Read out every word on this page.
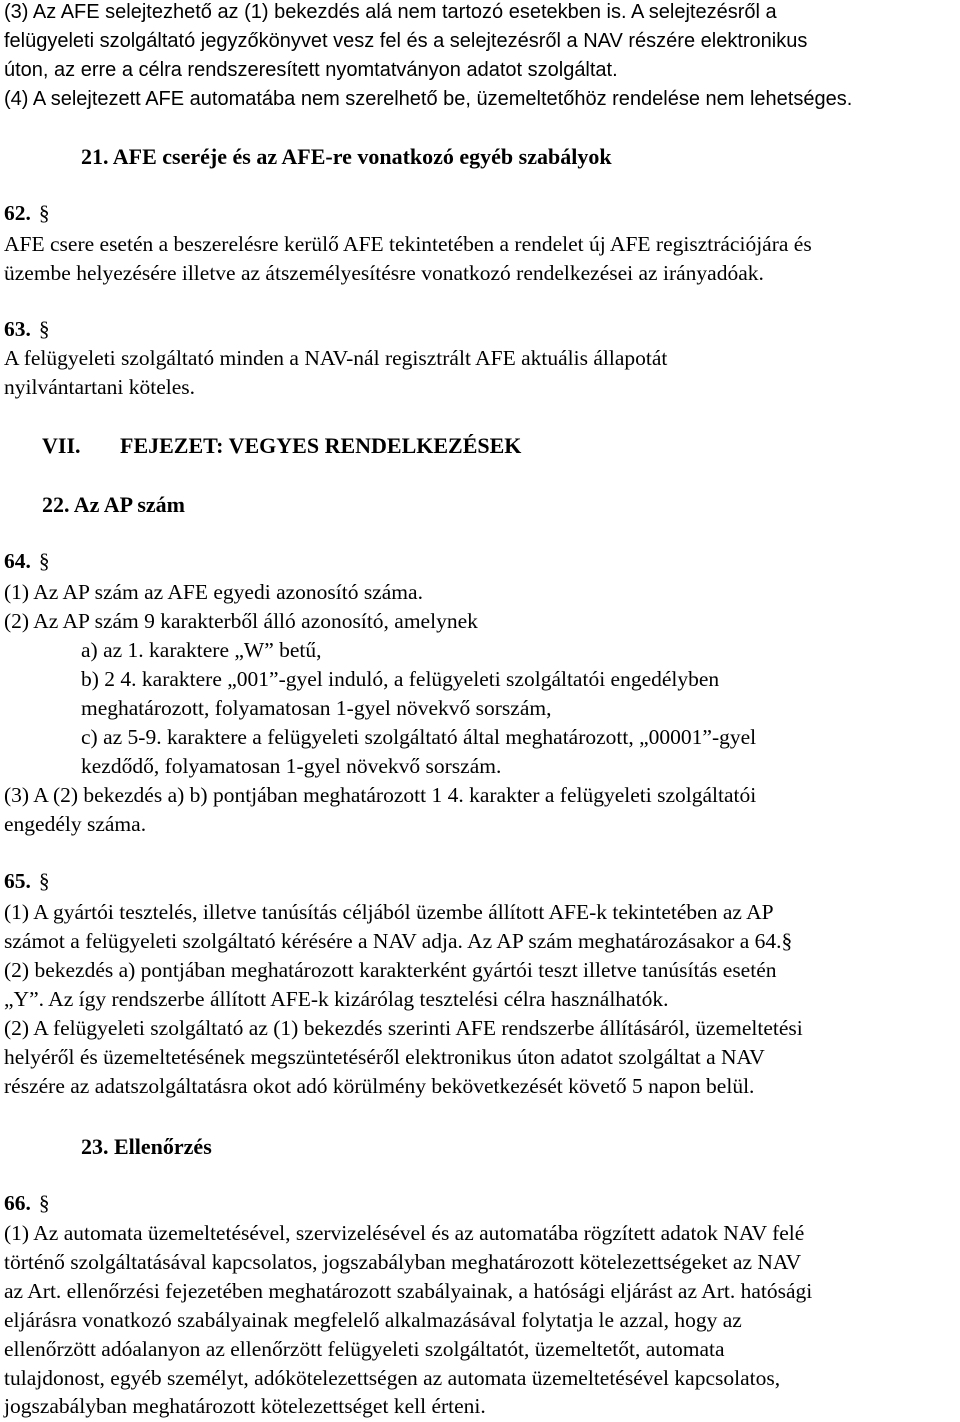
(3) Az AFE selejtezhető az (1) bekezdés alá nem tartozó esetekben is. A selejtezésről a
felügyeleti szolgáltató jegyzőkönyvet vesz fel és a selejtezésről a NAV részére elektronikus
úton, az erre a célra rendszeresített nyomtatványon adatot szolgáltat.
(4) A selejtezett AFE automatába nem szerelhető be, üzemeltetőhöz rendelése nem lehetséges.
21. AFE cseréje és az AFE-re vonatkozó egyéb szabályok
62. §
AFE csere esetén a beszerelésre kerülő AFE tekintetében a rendelet új AFE regisztrációjára és
üzembe helyezésére illetve az átszemélyesítésre vonatkozó rendelkezései az irányadóak.
63. §
A felügyeleti szolgáltató minden a NAV-nál regisztrált AFE aktuális állapotát
nyilvántartani köteles.
VII. FEJEZET: VEGYES RENDELKEZÉSEK
22. Az AP szám
64. §
(1) Az AP szám az AFE egyedi azonosító száma.
(2) Az AP szám 9 karakterből álló azonosító, amelynek
a) az 1. karaktere „W” betű,
b) 2 4. karaktere „001”-gyel induló, a felügyeleti szolgáltatói engedélyben
meghatározott, folyamatosan 1-gyel növekvő sorszám,
c) az 5-9. karaktere a felügyeleti szolgáltató által meghatározott, „00001”-gyel
kezdődő, folyamatosan 1-gyel növekvő sorszám.
(3) A (2) bekezdés a) b) pontjában meghatározott 1 4. karakter a felügyeleti szolgáltatói
engedély száma.
65. §
(1) A gyártói tesztelés, illetve tanúsítás céljából üzembe állított AFE-k tekintetében az AP
számot a felügyeleti szolgáltató kérésére a NAV adja. Az AP szám meghatározásakor a 64.§
(2) bekezdés a) pontjában meghatározott karakterként gyártói teszt illetve tanúsítás esetén
„Y”. Az így rendszerbe állított AFE-k kizárólag tesztelési célra használhatók.
(2) A felügyeleti szolgáltató az (1) bekezdés szerinti AFE rendszerbe állításáról, üzemeltetési
helyéről és üzemeltetésének megszüntetéséről elektronikus úton adatot szolgáltat a NAV
részére az adatszolgáltatásra okot adó körülmény bekövetkezését követő 5 napon belül.
23. Ellenőrzés
66. §
(1) Az automata üzemeltetésével, szervizelésével és az automatába rögzített adatok NAV felé
történő szolgáltatásával kapcsolatos, jogszabályban meghatározott kötelezettségeket az NAV
az Art. ellenőrzési fejezetében meghatározott szabályainak, a hatósági eljárást az Art. hatósági
eljárásra vonatkozó szabályainak megfelelő alkalmazásával folytatja le azzal, hogy az
ellenőrzött adóalanyon az ellenőrzött felügyeleti szolgáltatót, üzemeltetőt, automata
tulajdonost, egyéb személyt, adókötelezettségen az automata üzemeltetésével kapcsolatos,
jogszabályban meghatározott kötelezettséget kell érteni.
